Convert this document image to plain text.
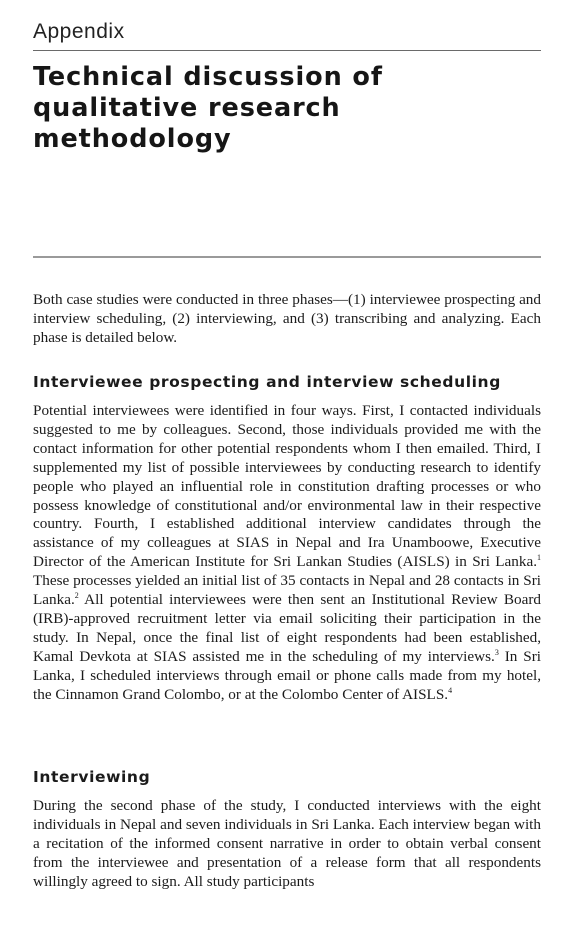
Appendix
Technical discussion of qualitative research methodology

Both case studies were conducted in three phases—(1) interviewee prospecting and interview scheduling, (2) interviewing, and (3) transcribing and analyzing. Each phase is detailed below.

Interviewee prospecting and interview scheduling

Potential interviewees were identified in four ways. First, I contacted individuals suggested to me by colleagues. Second, those individuals provided me with the contact information for other potential respondents whom I then emailed. Third, I supplemented my list of possible interviewees by conducting research to identify people who played an influential role in constitution drafting processes or who possess knowledge of constitutional and/or environmental law in their respective country. Fourth, I established additional interview candidates through the assistance of my colleagues at SIAS in Nepal and Ira Unamboowe, Executive Director of the American Institute for Sri Lankan Studies (AISLS) in Sri Lanka.$^1$ These processes yielded an initial list of 35 contacts in Nepal and 28 contacts in Sri Lanka.$^2$ All potential interviewees were then sent an Institutional Review Board (IRB)-approved recruitment letter via email soliciting their participation in the study. In Nepal, once the final list of eight respondents had been established, Kamal Devkota at SIAS assisted me in the scheduling of my interviews.$^3$ In Sri Lanka, I scheduled interviews through email or phone calls made from my hotel, the Cinnamon Grand Colombo, or at the Colombo Center of AISLS.$^4$

Interviewing

During the second phase of the study, I conducted interviews with the eight individuals in Nepal and seven individuals in Sri Lanka. Each interview began with a recitation of the informed consent narrative in order to obtain verbal consent from the interviewee and presentation of a release form that all respondents willingly agreed to sign. All study participants
